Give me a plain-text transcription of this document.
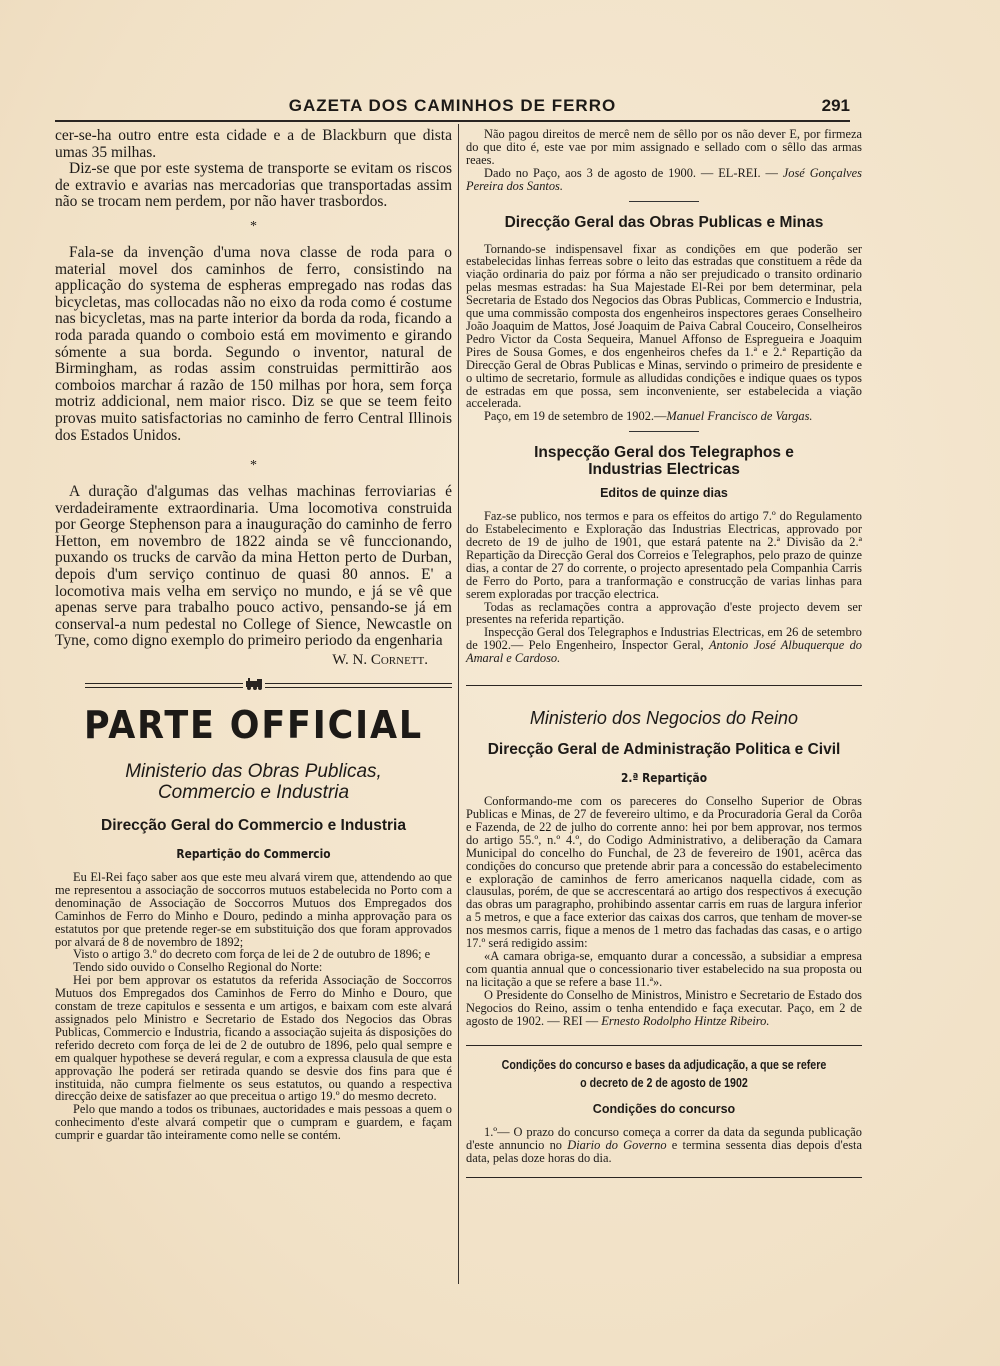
GAZETA DOS CAMINHOS DE FERRO	291

cer-se-ha outro entre esta cidade e a de Blackburn que dista umas 35 milhas.

Diz-se que por este systema de transporte se evitam os riscos de extravio e avarias nas mercadorias que transportadas assim não se trocam nem perdem, por não haver trasbordos.

*

Fala-se da invenção d'uma nova classe de roda para o material movel dos caminhos de ferro, consistindo na applicação do systema de espheras empregado nas rodas das bicycletas, mas collocadas não no eixo da roda como é costume nas bicycletas, mas na parte interior da borda da roda, ficando a roda parada quando o comboio está em movimento e girando sómente a sua borda. Segundo o inventor, natural de Birmingham, as rodas assim construidas permittirão aos comboios marchar á razão de 150 milhas por hora, sem força motriz addicional, nem maior risco. Diz se que se teem feito provas muito satisfactorias no caminho de ferro Central Illinois dos Estados Unidos.

*

A duração d'algumas das velhas machinas ferroviarias é verdadeiramente extraordinaria. Uma locomotiva construida por George Stephenson para a inauguração do caminho de ferro Hetton, em novembro de 1822 ainda se vê funccionando, puxando os trucks de carvão da mina Hetton perto de Durban, depois d'um serviço continuo de quasi 80 annos. E' a locomotiva mais velha em serviço no mundo, e já se vê que apenas serve para trabalho pouco activo, pensando-se já em conserval-a num pedestal no College of Sience, Newcastle on Tyne, como digno exemplo do primeiro periodo da engenharia

W. N. Cornett.
PARTE OFFICIAL
Ministerio das Obras Publicas, Commercio e Industria
Direcção Geral do Commercio e Industria
Repartição do Commercio

Eu El-Rei faço saber aos que este meu alvará virem que, attendendo ao que me representou a associação de soccorros mutuos estabelecida no Porto com a denominação de Associação de Soccorros Mutuos dos Empregados dos Caminhos de Ferro do Minho e Douro, pedindo a minha approvação para os estatutos por que pretende reger-se em substituição dos que foram approvados por alvará de 8 de novembro de 1892;

Visto o artigo 3.º do decreto com força de lei de 2 de outubro de 1896; e

Tendo sido ouvido o Conselho Regional do Norte:

Hei por bem approvar os estatutos da referida Associação de Soccorros Mutuos dos Empregados dos Caminhos de Ferro do Minho e Douro, que constam de treze capitulos e sessenta e um artigos, e baixam com este alvará assignados pelo Ministro e Secretario de Estado dos Negocios das Obras Publicas, Commercio e Industria, ficando a associação sujeita ás disposições do referido decreto com força de lei de 2 de outubro de 1896, pelo qual sempre e em qualquer hypothese se deverá regular, e com a expressa clausula de que esta approvação lhe poderá ser retirada quando se desvie dos fins para que é instituida, não cumpra fielmente os seus estatutos, ou quando a respectiva direcção deixe de satisfazer ao que preceitua o artigo 19.º do mesmo decreto.

Pelo que mando a todos os tribunaes, auctoridades e mais pessoas a quem o conhecimento d'este alvará competir que o cumpram e guardem, e façam cumprir e guardar tão inteiramente como nelle se contém.

Não pagou direitos de mercê nem de sêllo por os não dever E, por firmeza do que dito é, este vae por mim assignado e sellado com o sêllo das armas reaes.

Dado no Paço, aos 3 de agosto de 1900. — EL-REI. — José Gonçalves Pereira dos Santos.

Direcção Geral das Obras Publicas e Minas

Tornando-se indispensavel fixar as condições em que poderão ser estabelecidas linhas ferreas sobre o leito das estradas que constituem a rêde da viação ordinaria do paiz por fórma a não ser prejudicado o transito ordinario pelas mesmas estradas: ha Sua Majestade El-Rei por bem determinar, pela Secretaria de Estado dos Negocios das Obras Publicas, Commercio e Industria, que uma commissão composta dos engenheiros inspectores geraes Conselheiro João Joaquim de Mattos, José Joaquim de Paiva Cabral Couceiro, Conselheiros Pedro Victor da Costa Sequeira, Manuel Affonso de Espregueira e Joaquim Pires de Sousa Gomes, e dos engenheiros chefes da 1.ª e 2.ª Repartição da Direcção Geral de Obras Publicas e Minas, servindo o primeiro de presidente e o ultimo de secretario, formule as alludidas condições e indique quaes os typos de estradas em que possa, sem inconveniente, ser estabelecida a viação accelerada.

Paço, em 19 de setembro de 1902.—Manuel Francisco de Vargas.

Inspecção Geral dos Telegraphos e Industrias Electricas
Editos de quinze dias

Faz-se publico, nos termos e para os effeitos do artigo 7.º do Regulamento do Estabelecimento e Exploração das Industrias Electricas, approvado por decreto de 19 de julho de 1901, que estará patente na 2.ª Divisão da 2.ª Repartição da Direcção Geral dos Correios e Telegraphos, pelo prazo de quinze dias, a contar de 27 do corrente, o projecto apresentado pela Companhia Carris de Ferro do Porto, para a tranformação e construcção de varias linhas para serem exploradas por tracção electrica.

Todas as reclamações contra a approvação d'este projecto devem ser presentes na referida repartição.

Inspecção Geral dos Telegraphos e Industrias Electricas, em 26 de setembro de 1902.— Pelo Engenheiro, Inspector Geral, Antonio José Albuquerque do Amaral e Cardoso.

Ministerio dos Negocios do Reino
Direcção Geral de Administração Politica e Civil
2.ª Repartição

Conformando-me com os pareceres do Conselho Superior de Obras Publicas e Minas, de 27 de fevereiro ultimo, e da Procuradoria Geral da Corôa e Fazenda, de 22 de julho do corrente anno: hei por bem approvar, nos termos do artigo 55.º, n.º 4.º, do Codigo Administrativo, a deliberação da Camara Municipal do concelho do Funchal, de 23 de fevereiro de 1901, acêrca das condições do concurso que pretende abrir para a concessão do estabelecimento e exploração de caminhos de ferro americanos naquella cidade, com as clausulas, porém, de que se accrescentará ao artigo dos respectivos á execução das obras um paragrapho, prohibindo assentar carris em ruas de largura inferior a 5 metros, e que a face exterior das caixas dos carros, que tenham de mover-se nos mesmos carris, fique a menos de 1 metro das fachadas das casas, e o artigo 17.º será redigido assim:

«A camara obriga-se, emquanto durar a concessão, a subsidiar a empresa com quantia annual que o concessionario tiver estabelecido na sua proposta ou na licitação a que se refere a base 11.ª».

O Presidente do Conselho de Ministros, Ministro e Secretario de Estado dos Negocios do Reino, assim o tenha entendido e faça executar. Paço, em 2 de agosto de 1902. — REI — Ernesto Rodolpho Hintze Ribeiro.

Condições do concurso e bases da adjudicação, a que se refere o decreto de 2 de agosto de 1902
Condições do concurso

1.º— O prazo do concurso começa a correr da data da segunda publicação d'este annuncio no Diario do Governo e termina sessenta dias depois d'esta data, pelas doze horas do dia.
